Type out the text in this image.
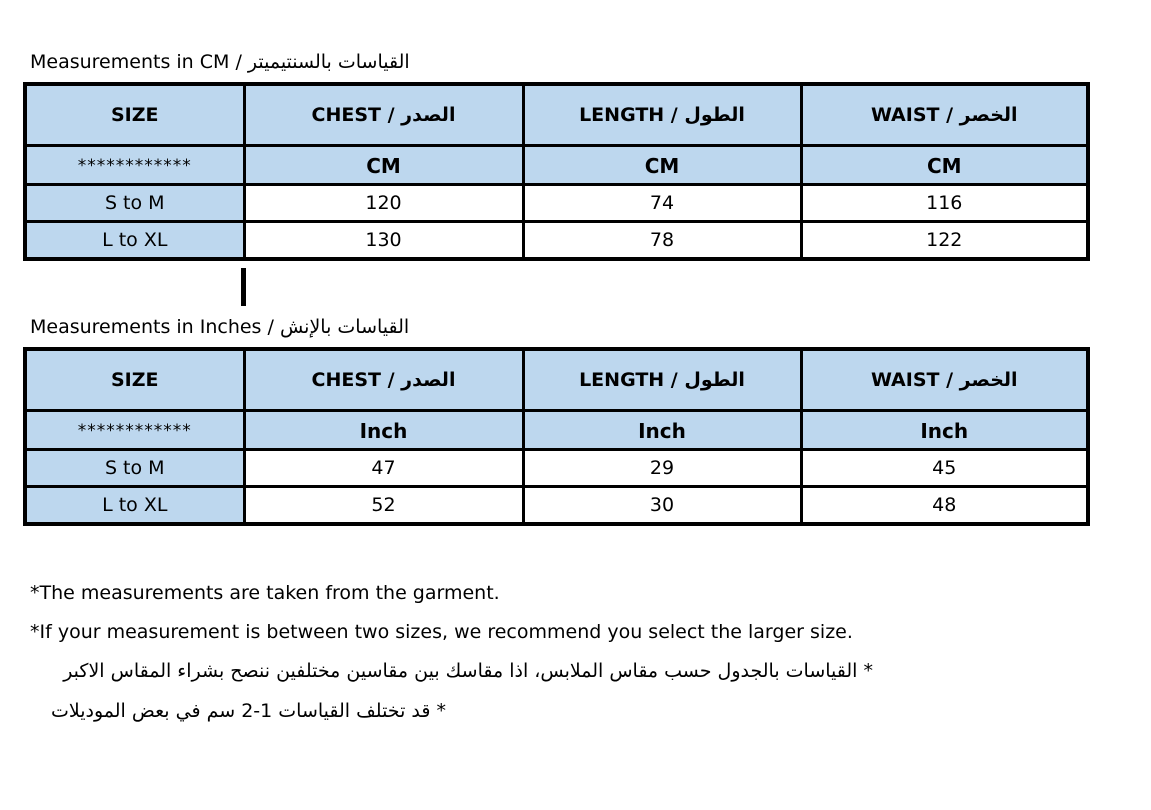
Measurements in CM / القياسات بالسنتيميتر
SIZE	CHEST / الصدر	LENGTH / الطول	WAIST / الخصر
************	CM	CM	CM
S to M	120	74	116
L to XL	130	78	122
Measurements in Inches / القياسات بالإنش
SIZE	CHEST / الصدر	LENGTH / الطول	WAIST / الخصر
************	Inch	Inch	Inch
S to M	47	29	45
L to XL	52	30	48
*The measurements are taken from the garment.
*If your measurement is between two sizes, we recommend you select the larger size.
* القياسات بالجدول حسب مقاس الملابس، اذا مقاسك بين مقاسين مختلفين ننصح بشراء المقاس الاكبر
* قد تختلف القياسات 1-2 سم في بعض الموديلات
